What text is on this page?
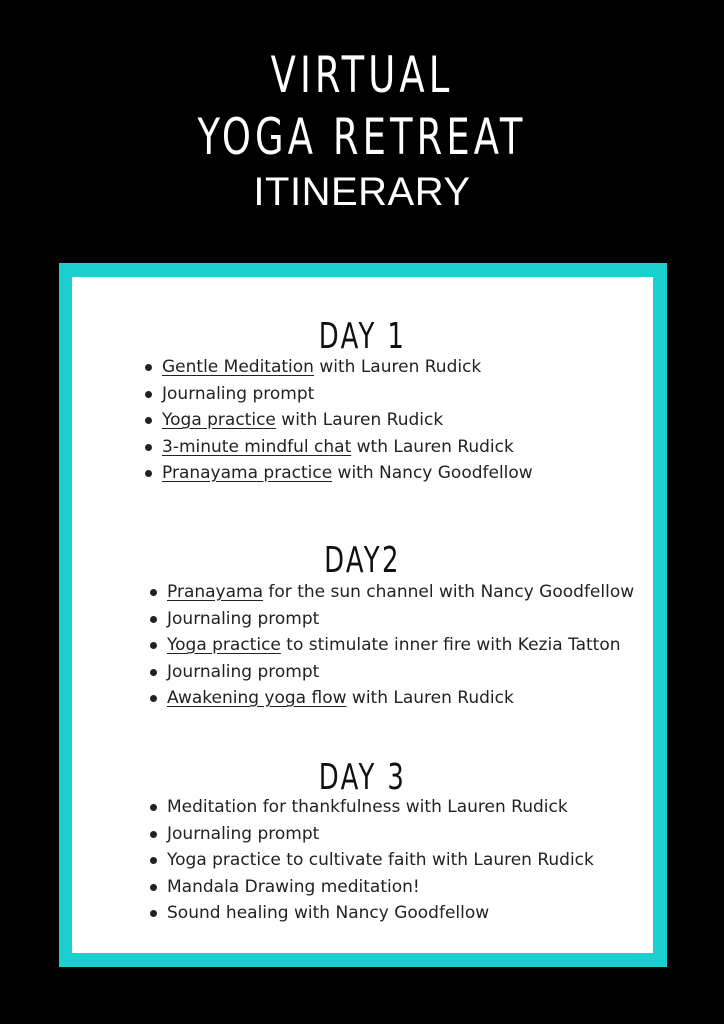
VIRTUAL
YOGA RETREAT
ITINERARY
DAY 1
Gentle Meditation with Lauren Rudick
Journaling prompt
Yoga practice with Lauren Rudick
3-minute mindful chat wth Lauren Rudick
Pranayama practice with Nancy Goodfellow
DAY2
Pranayama for the sun channel with Nancy Goodfellow
Journaling prompt
Yoga practice to stimulate inner fire with Kezia Tatton
Journaling prompt
Awakening yoga flow with Lauren Rudick
DAY 3
Meditation for thankfulness with Lauren Rudick
Journaling prompt
Yoga practice to cultivate faith with Lauren Rudick
Mandala Drawing meditation!
Sound healing with Nancy Goodfellow
